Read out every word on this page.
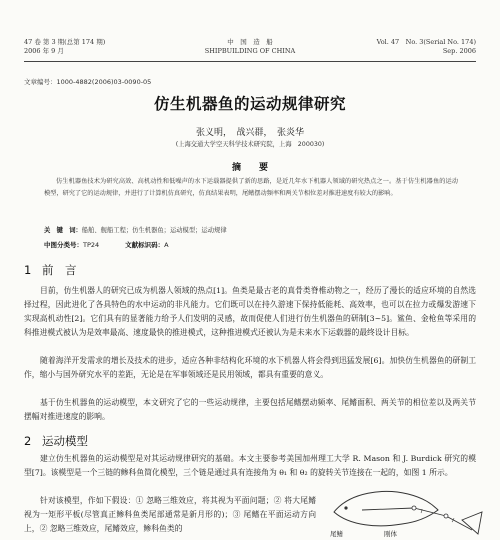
47 卷 第 3 期(总第 174 期)
2006 年 9 月
中　国　造　船
SHIPBUILDING OF CHINA
Vol. 47　No. 3(Serial No. 174)
Sep. 2006
文章编号：1000-4882(2006)03-0090-05
仿生机器鱼的运动规律研究
张义明，　战兴群，　张炎华
(上海交通大学空天科学技术研究院，上海　200030)
摘　　要
仿生机器鱼技术为研究高效、高机动性和低噪声的水下运载器提供了新的思路，是近几年水下机器人领域的研究热点之一。基于仿生机器鱼的运动模型，研究了它的运动规律，并进行了计算机仿真研究，仿真结果表明，尾鳍摆动频率和两关节相位差对推进速度有较大的影响。
关　键　词：船舶、舰船工程；仿生机器鱼；运动模型；运动规律
中图分类号：TP24	文献标识码：A
1 前　言
目前，仿生机器人的研究已成为机器人领域的热点[1]。鱼类是最古老的真骨类脊椎动物之一，经历了漫长的适应环境的自然选择过程，因此进化了各具特色的水中运动的非凡能力。它们既可以在持久游速下保持低能耗、高效率，也可以在拉力或爆发游速下实现高机动性[2]。它们具有的显著能力给予人们发明的灵感，故而促使人们进行仿生机器鱼的研制[3~5]。鲨鱼、金枪鱼等采用的　科推进模式被认为是效率最高、速度最快的推进模式，这种推进模式还被认为是未来水下运载器的最终设计目标。
随着海洋开发需求的增长及技术的进步，适应各种非结构化环境的水下机器人将会得到迅猛发展[6]。加快仿生机器鱼的研制工作，缩小与国外研究水平的差距，无论是在军事领域还是民用领域，都具有重要的意义。
基于仿生机器鱼的运动模型，本文研究了它的一些运动规律，主要包括尾鳍摆动频率、尾鳍面积、两关节的相位差以及两关节摆幅对推进速度的影响。
2 运动模型
建立仿生机器鱼的运动模型是对其运动规律研究的基础。本文主要参考美国加州理工大学 R. Mason 和 J. Burdick 研究的模型[7]。该模型是一个三链的鲹科鱼简化模型，三个链是通过具有连接角为 θ₁ 和 θ₂ 的旋转关节连接在一起的，如图 1 所示。
针对该模型，作如下假设：① 忽略三维效应，将其视为平面问题；② 将大尾鳍视为一矩形平板(尽管真正鲹科鱼类尾部通常是新月形的)；③ 尾鳍在平面运动方向上，② 忽略三维效应，尾鳍效应，鲹科鱼类的
尾鳍	刚体
